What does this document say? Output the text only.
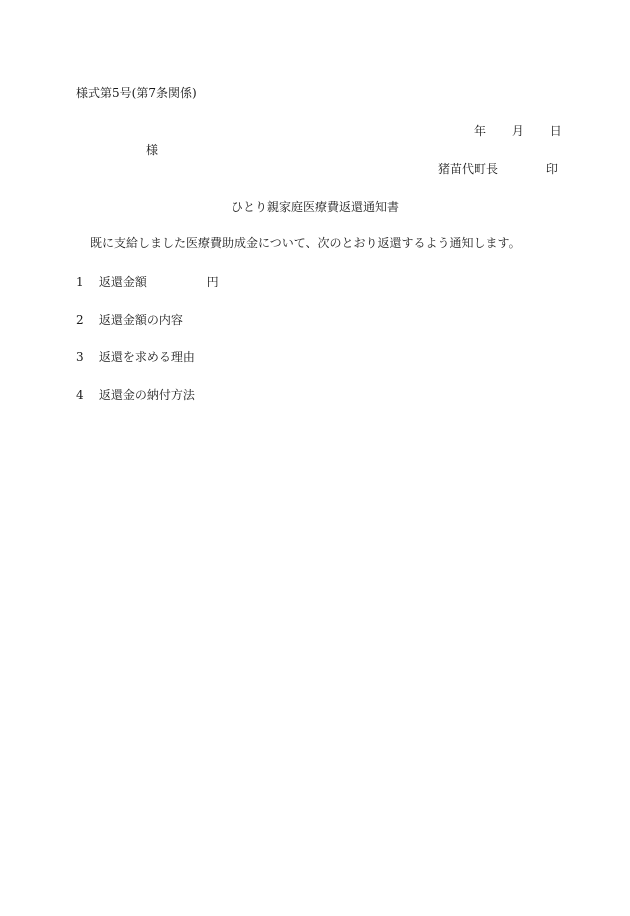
様式第5号(第7条関係)
年 月 日
様
猪苗代町長	印
ひとり親家庭医療費返還通知書
既に支給しました医療費助成金について、次のとおり返還するよう通知します。
1 返還金額	円
2 返還金額の内容
3 返還を求める理由
4 返還金の納付方法
